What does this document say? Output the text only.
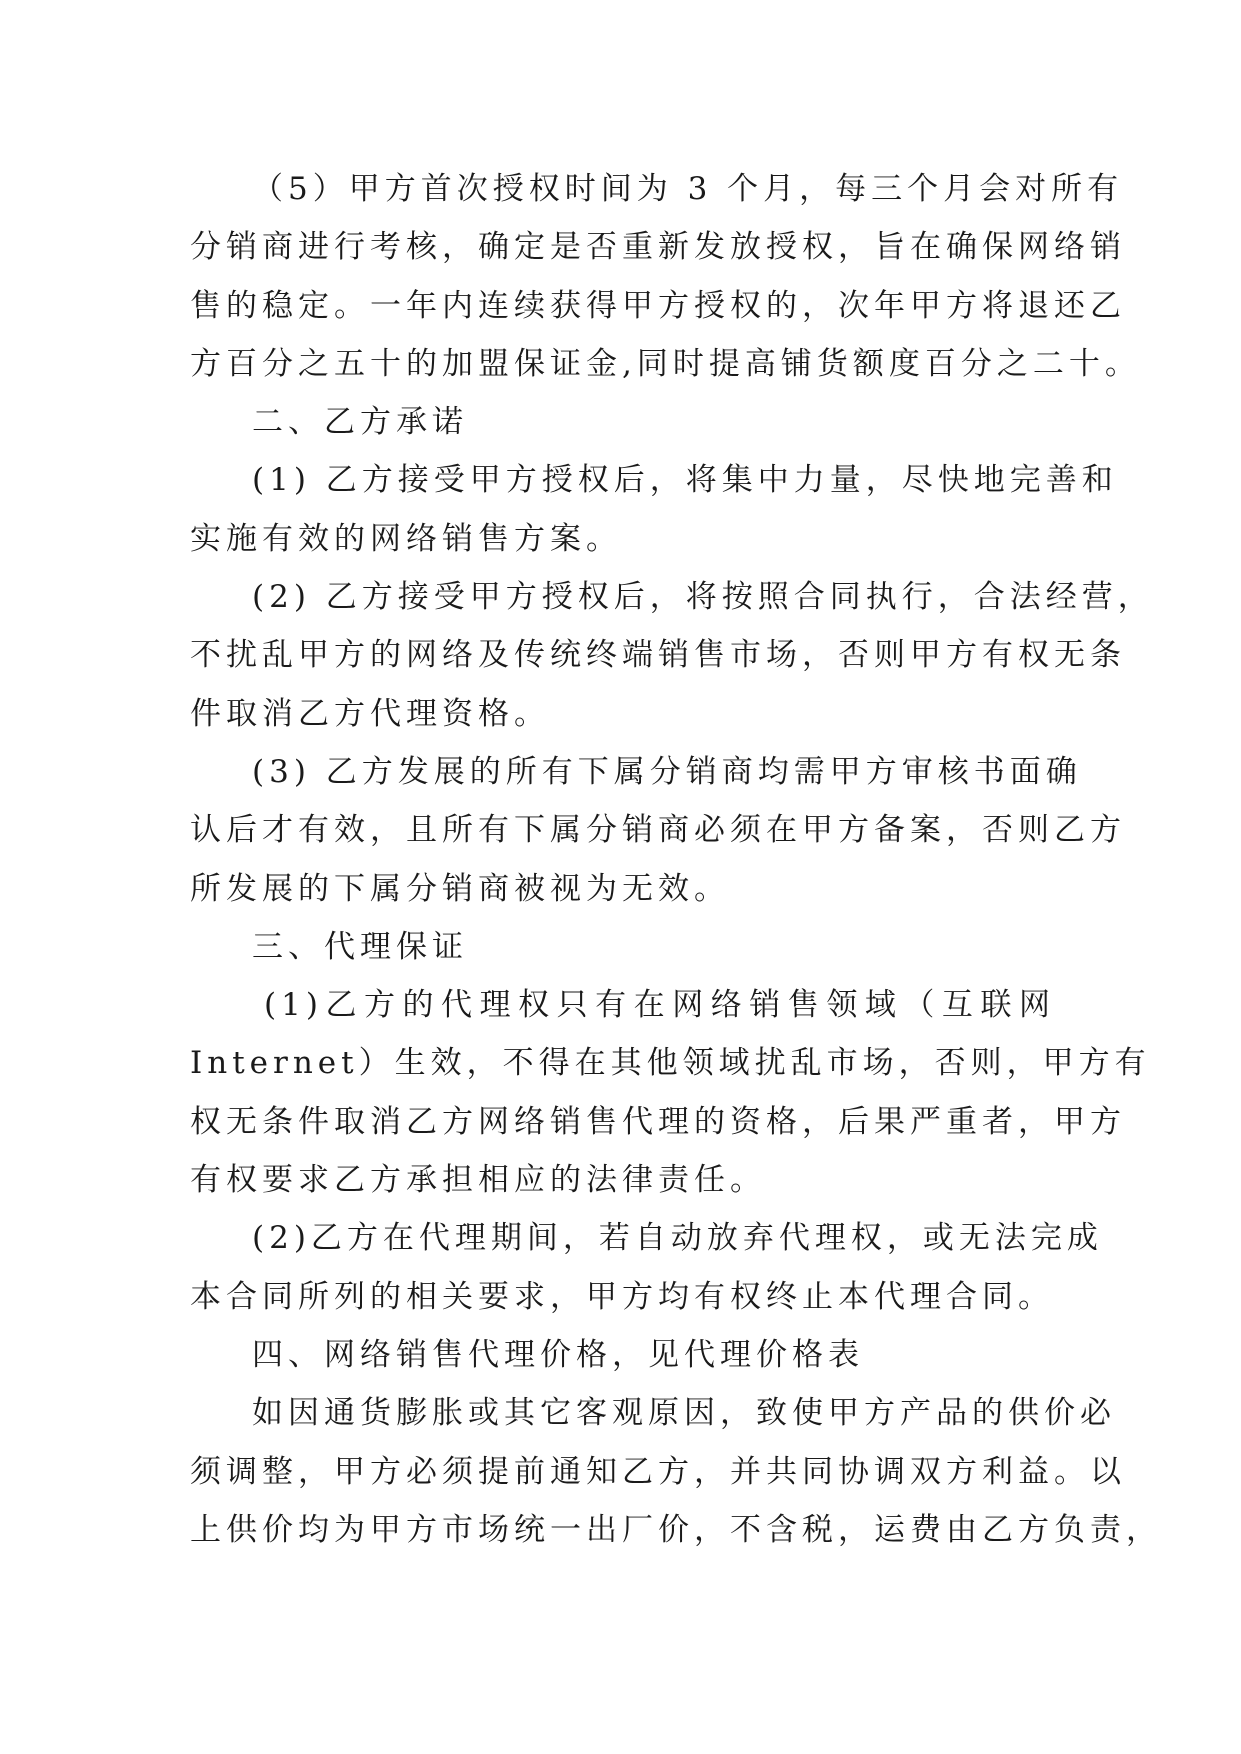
（5）甲方首次授权时间为 3 个月，每三个月会对所有
分销商进行考核，确定是否重新发放授权，旨在确保网络销
售的稳定。一年内连续获得甲方授权的，次年甲方将退还乙
方百分之五十的加盟保证金,同时提高铺货额度百分之二十。
二、乙方承诺
(1) 乙方接受甲方授权后，将集中力量，尽快地完善和
实施有效的网络销售方案。
(2) 乙方接受甲方授权后，将按照合同执行，合法经营，
不扰乱甲方的网络及传统终端销售市场，否则甲方有权无条
件取消乙方代理资格。
(3) 乙方发展的所有下属分销商均需甲方审核书面确
认后才有效，且所有下属分销商必须在甲方备案，否则乙方
所发展的下属分销商被视为无效。
三、代理保证
(1)乙方的代理权只有在网络销售领域（互联网
Internet）生效，不得在其他领域扰乱市场，否则，甲方有
权无条件取消乙方网络销售代理的资格，后果严重者，甲方
有权要求乙方承担相应的法律责任。
(2)乙方在代理期间，若自动放弃代理权，或无法完成
本合同所列的相关要求，甲方均有权终止本代理合同。
四、网络销售代理价格，见代理价格表
如因通货膨胀或其它客观原因，致使甲方产品的供价必
须调整，甲方必须提前通知乙方，并共同协调双方利益。以
上供价均为甲方市场统一出厂价，不含税，运费由乙方负责，
